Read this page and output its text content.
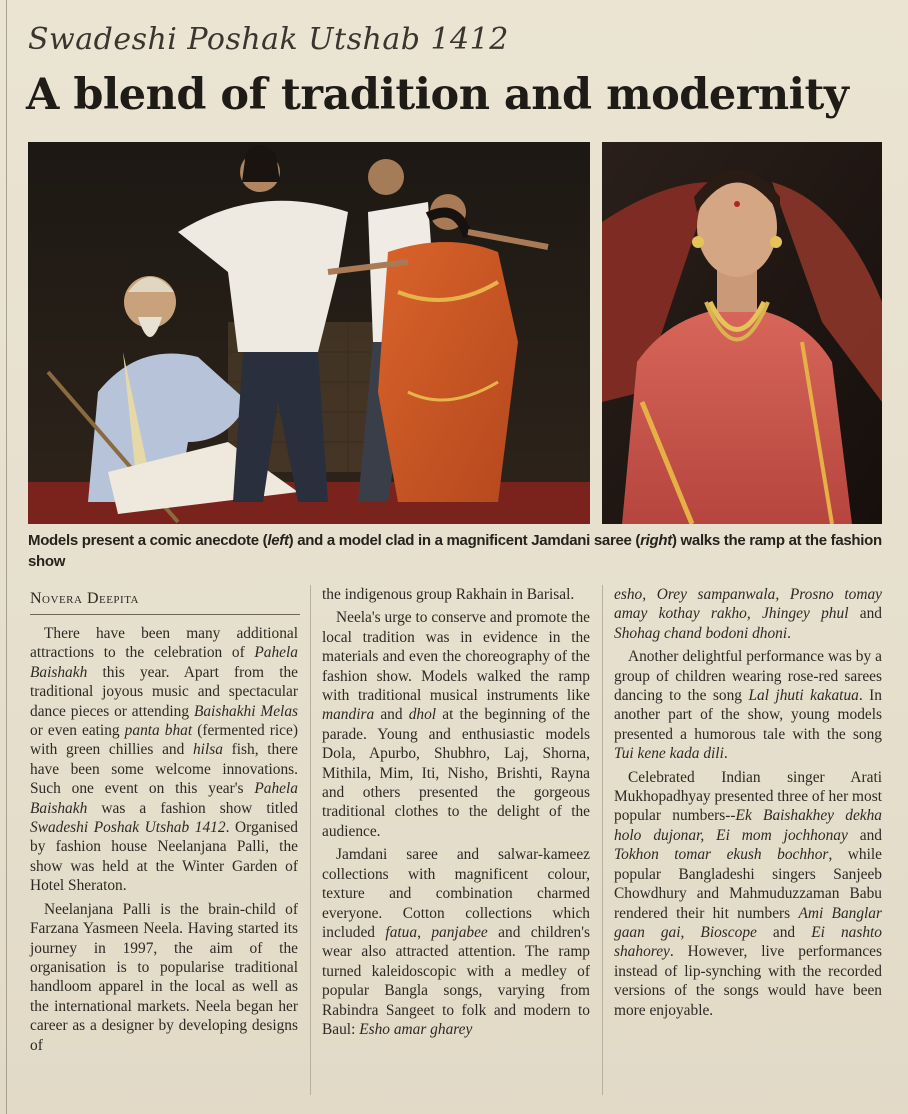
Swadeshi Poshak Utshab 1412
A blend of tradition and modernity
Models present a comic anecdote (left) and a model clad in a magnificent Jamdani saree (right) walks the ramp at the fashion show
Novera Deepita

There have been many additional attractions to the celebration of Pahela Baishakh this year. Apart from the traditional joyous music and spectacular dance pieces or attending Baishakhi Melas or even eating panta bhat (fermented rice) with green chillies and hilsa fish, there have been some welcome innovations. Such one event on this year's Pahela Baishakh was a fashion show titled Swadeshi Poshak Utshab 1412. Organised by fashion house Neelanjana Palli, the show was held at the Winter Garden of Hotel Sheraton.

Neelanjana Palli is the brain-child of Farzana Yasmeen Neela. Having started its journey in 1997, the aim of the organisation is to popularise traditional handloom apparel in the local as well as the international markets. Neela began her career as a designer by developing designs of

the indigenous group Rakhain in Barisal.

Neela's urge to conserve and promote the local tradition was in evidence in the materials and even the choreography of the fashion show. Models walked the ramp with traditional musical instruments like mandira and dhol at the beginning of the parade. Young and enthusiastic models Dola, Apurbo, Shubhro, Laj, Shorna, Mithila, Mim, Iti, Nisho, Brishti, Rayna and others presented the gorgeous traditional clothes to the delight of the audience.

Jamdani saree and salwar-kameez collections with magnificent colour, texture and combination charmed everyone. Cotton collections which included fatua, panjabee and children's wear also attracted attention. The ramp turned kaleidoscopic with a medley of popular Bangla songs, varying from Rabindra Sangeet to folk and modern to Baul: Esho amar gharey

esho, Orey sampanwala, Prosno tomay amay kothay rakho, Jhingey phul and Shohag chand bodoni dhoni.

Another delightful performance was by a group of children wearing rose-red sarees dancing to the song Lal jhuti kakatua. In another part of the show, young models presented a humorous tale with the song Tui kene kada dili.

Celebrated Indian singer Arati Mukhopadhyay presented three of her most popular numbers--Ek Baishakhey dekha holo dujonar, Ei mom jochhonay and Tokhon tomar ekush bochhor, while popular Bangladeshi singers Sanjeeb Chowdhury and Mahmuduzzaman Babu rendered their hit numbers Ami Banglar gaan gai, Bioscope and Ei nashto shahorey. However, live performances instead of lip-synching with the recorded versions of the songs would have been more enjoyable.
